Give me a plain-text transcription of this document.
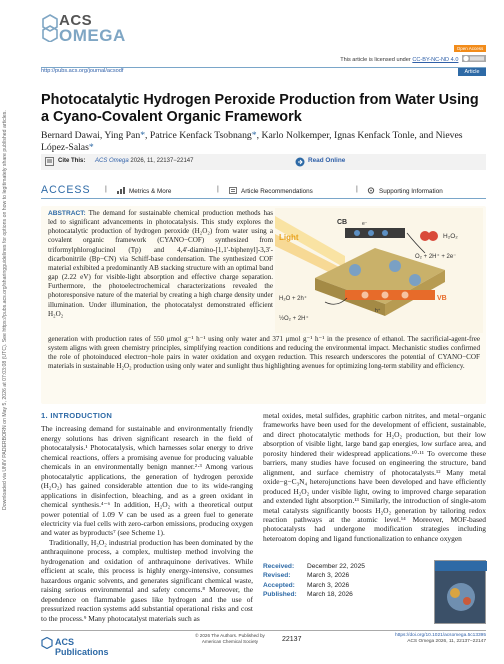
Downloaded via UNIV PADERBORN on May 5, 2026 at 07:03:08 (UTC). See https://pubs.acs.org/sharingguidelines for options on how to legitimately share published articles.
ACS
OMEGA
Open Access
This article is licensed under CC-BY-NC-ND 4.0
http://pubs.acs.org/journal/acsodf	Article
Photocatalytic Hydrogen Peroxide Production from Water Using a Cyano-Covalent Organic Framework
Bernard Dawai, Ying Pan*, Patrice Kenfack Tsobnang*, Karlo Nolkemper, Ignas Kenfack Tonle, and Nieves López-Salas*
Cite This: ACS Omega 2026, 11, 22137−22147	Read Online
ACCESS |	Metrics & More	|	Article Recommendations	|	Supporting Information

ABSTRACT: The demand for sustainable chemical production methods has led to significant advancements in photocatalysis. This study explores the photocatalytic production of hydrogen peroxide (H₂O₂) from water using a covalent organic framework (CYANO−COF) synthesized from triformylphloroglucinol (Tp) and 4,4′-diamino-[1,1′-biphenyl]-3,3′-dicarbonitrile (Bp−CN) via Schiff-base condensation. The synthesized COF material exhibited a predominantly AB stacking structure with an optimal band gap (2.22 eV) for visible-light absorption and effective charge separation. Furthermore, the photoelectrochemical characterizations revealed the photoresponsive nature of the material by creating a high charge density under illumination. Under illumination, the photocatalyst demonstrated efficient H₂O₂

Light
CB
VB
e⁻
h⁺
H₂O₂
O₂ + 2H⁺ + 2e⁻
H₂O + 2h⁺
½O₂ + 2H⁺

generation with production rates of 550 μmol g⁻¹ h⁻¹ using only water and 371 μmol g⁻¹ h⁻¹ in the presence of ethanol. The sacrificial-agent-free system aligns with green chemistry principles, simplifying reaction conditions and reducing the environmental impact. Mechanistic studies confirmed the role of photoinduced electron−hole pairs in water oxidation and oxygen reduction. This research underscores the potential of CYANO−COF materials in sustainable H₂O₂ production using only water and sunlight thus highlighting avenues for optimizing long-term stability and efficiency.

1. INTRODUCTION

The increasing demand for sustainable and environmentally friendly energy solutions has driven significant research in the field of photocatalysis.¹ Photocatalysis, which harnesses solar energy to drive chemical reactions, offers a promising avenue for producing valuable chemicals in an environmentally benign manner.²·³ Among various photocatalytic applications, the generation of hydrogen peroxide (H₂O₂) has gained considerable attention due to its wide-ranging applications in disinfection, bleaching, and as a green oxidant in chemical synthesis.⁴⁻⁶ In addition, H₂O₂ with a theoretical output power potential of 1.09 V can be used as a green fuel to generate electricity via fuel cells with zero-carbon emissions, producing oxygen and water as byproducts⁷ (see Scheme 1).

Traditionally, H₂O₂ industrial production has been dominated by the anthraquinone process, a complex, multistep method involving the hydrogenation and oxidation of anthraquinone derivatives. While efficient at scale, this process is highly energy-intensive, consumes hazardous organic solvents, and generates significant chemical waste, raising serious environmental and safety concerns.⁸ Moreover, the dependence on flammable gases like hydrogen and the use of pressurized reaction systems add substantial operational risks and cost to the process.⁹ Many photocatalyst materials such as

metal oxides, metal sulfides, graphitic carbon nitrites, and metal−organic frameworks have been used for the development of efficient, sustainable, and direct photocatalytic methods for H₂O₂ production, but their low absorption of visible light, large band gap energies, low surface area, and porosity hindered their widespread applications.¹⁰·¹¹ To overcome these barriers, many studies have focused on engineering the structure, band alignment, and surface chemistry of photocatalysts.¹² Many metal oxide−g−C₃N₄ heterojunctions have been developed and have efficiently produced H₂O₂ under visible light, owing to improved charge separation and extended light absorption.¹³ Similarly, the introduction of single-atom metal catalysts significantly boosts H₂O₂ generation by tailoring redox reaction pathways at the atomic level.¹⁴ Moreover, MOF-based photocatalysts had undergone modification strategies including heteroatom doping and ligand functionalization to enhance oxygen

Received:	December 22, 2025
Revised:	March 3, 2026
Accepted:	March 3, 2026
Published:	March 18, 2026
ACS Publications
© 2026 The Authors. Published by
American Chemical Society	22137
https://doi.org/10.1021/acsomega.5c13395
ACS Omega 2026, 11, 22137−22147
